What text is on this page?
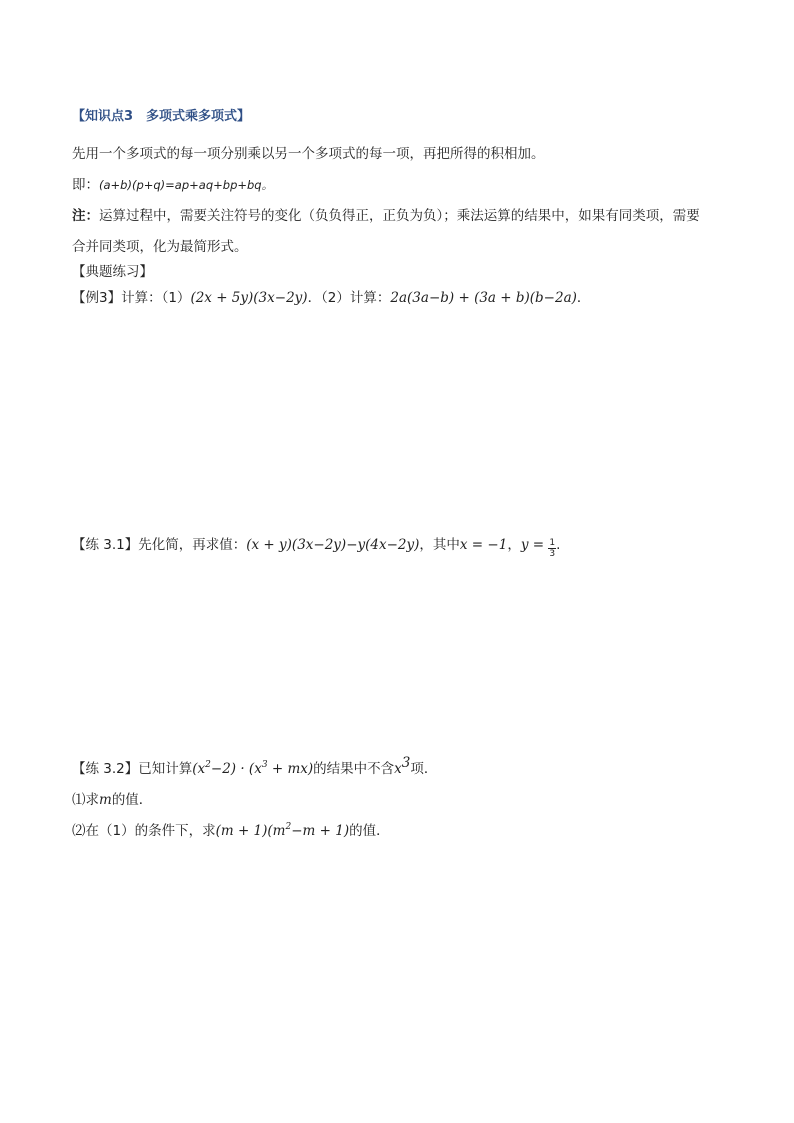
【知识点3　多项式乘多项式】
先用一个多项式的每一项分别乘以另一个多项式的每一项，再把所得的积相加。
即：(a+b)(p+q)=ap+aq+bp+bq。
注：运算过程中，需要关注符号的变化（负负得正，正负为负）；乘法运算的结果中，如果有同类项，需要
合并同类项，化为最简形式。
【典题练习】
【例3】计算：（1）(2x + 5y)(3x−2y)．（2）计算：2a(3a−b) + (3a + b)(b−2a)．
【练 3.1】先化简，再求值：(x + y)(3x−2y)−y(4x−2y)，其中x = −1，$y = \frac{1}{3}$ .
【练 3.2】已知计算$(x^2-2) \cdot (x^3 + mx)$的结果中不含$x^3$项．
⑴求m的值．
⑵在（1）的条件下，求$(m + 1)(m^2-m + 1)$的值．
